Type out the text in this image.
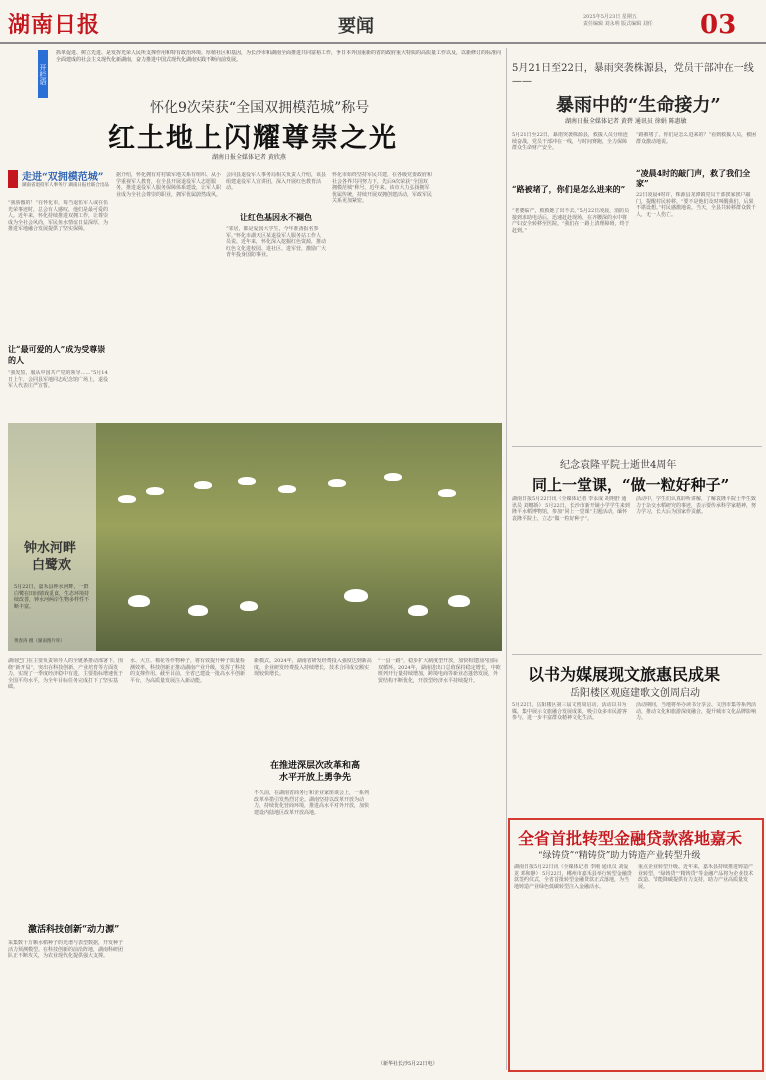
湖南日报	要闻	2025年5月23日 星期五
责任编辑 刘永明 版式编辑 刘任 03
开栏语
抓革促进、树立先进、是发挥光荣人民所支撑作用和特有政治环境、厚植社区和基因，为长沙市和湖南全面推进共同富裕工作，争日本外国重新的省的政府重大特质的高质量工作以及，以新修订的标准向全面建成的社会主义现代化新湖南，奋力推进中国式现代化湖南实践不断向前发展。
怀化9次荣获“全国双拥模范城”称号
红土地上闪耀尊崇之光
湖南日报全媒体记者 黄欣燕
走进“双拥模范城”
湖南省退役军人事务厅 湖南日报社联合出品
“我骄傲的！”在怀化市，每当退伍军人或在伍光荣事迹时，总会有人感叹，他们是最可爱的人。近年来，怀化持续推进双拥工作，让尊崇成为全社会风尚，军民鱼水情谊日益深厚，为推进军地融合发展提供了坚实保障。
让“最可爱的人”成为受尊崇的人
“我发誓，服从中国共产党的领导……”5月14日上午，会同县军地同志纪念馆广场上，退役军人代表庄严宣誓。
据介绍，怀化拥有对村镇军地关系有组织、从小学重视军人教育，在全县开展退役军人志愿服务，推进退役军人服务保障体系建设，让军人职业成为全社会尊崇的职业，拥军优属蔚然成风。
会同县退役军人事务局相关负责人介绍，该县组建退役军人宣讲团，深入开展红色教育活动。
让红色基因永不褪色
“邻居，都是爱国大学生，今年准备报名参军。”怀化市湖天区某退役军人服务站工作人员说。近年来，怀化深入挖掘红色资源，推动红色文化进校园、进社区、进军营，激励广大青年投身国防事业。
怀化市始终坚持军民共建，在各级党委政府和社会各界共同努力下，先后9次荣获“全国双拥模范城”称号。近年来，该市大力弘扬拥军优属传统，持续开展双拥创建活动，军政军民关系更加紧密。
5月21日至22日，暴雨突袭株源县，党员干部冲在一线——
暴雨中的“生命接力”
湖南日报全媒体记者 黄碧 通讯员 徐娟 陈惠敏
5月21日至22日，暴雨突袭株源县，救援人员分组连续奋战，党员干部冲在一线，与时间赛跑，全力保障群众生命财产安全。
“路被堵了，你们是怎么进来的”
“老婆临产，救救她了出不去。”5月22日凌晨，消防员接到求助电话后，迅速赶赴现场，在齐腰深的水中将产妇安全转移至医院。“我们在一路上清理障碍，终于赶到。”
“路被堵了，你们是怎么进来的？”看到救援人员，被困群众激动地说。
“凌晨4时的敲门声，救了我们全家”
22日凌晨4时许，株源县龙潭镇党员干部挨家挨户敲门，提醒村民转移。“要不是他们及时叫醒我们，后果不堪设想。”村民感激地说。当天，全县共转移群众数千人，无一人伤亡。
钟水河畔
白鹭欢
5月22日，嘉禾县钟水河畔，一群白鹭在田间嬉戏觅食，生态环境持续改善，钟水河两岸生物多样性不断丰富。
黄春涛 摄（湖南图片库）
湖南巴门在主要负责领导人的全链条推动部署下，围绕“新开局”，突出在科技创新、产业培育等方面发力，实现了一季度经济稳中有进，主要指标增速优于全国平均水平，为全年目标任务完成打下了坚实基础。
激活科技创新“动力源”
采集数十万颗水稻种子的光谱与表型数据，开发种子活力预测模型。在科技创新的前沿阵地，湖南科研团队正不断攻关，为农业现代化提供强大支撑。
水、大豆、棉花等作物种子，将有效提升种子质量检测效率。科技创新正推动湖南产业升级，发挥了科技的支撑作用。截至目前，全省已建设一批高水平创新平台，为高质量发展注入新动能。
新模式。2024年，湖南省研发经费投入强度达到新高度，企业研发经费投入持续增长，技术合同成交额实现较快增长。
在推进深层次改革和高水平开放上勇争先
不久前，在湖南省商务厅和企业家座谈会上，一系列改革举措引发热烈讨论。湖南坚持以改革开放为动力，持续优化营商环境，推进高水平对外开放，加快建设内陆地区改革开放高地。
“一县一路”，稳步扩大制度型开放，加快构建国内国际双循环。2024年，湖南进出口总值保持稳定增长，中欧班列开行量持续增加，跨境电商等新业态蓬勃发展，外贸结构不断优化，开放型经济水平持续提升。
（新华社长沙5月22日电）
纪念袁隆平院士逝世4周年
同上一堂课，“做一粒好种子”
湖南日报5月22日讯（全媒体记者 李永成 胡翔舒 通讯员 刘娜娇） 5月22日，长沙市新开铺小学学生来到隆平水稻博物馆，参加“同上一堂课”主题活动，缅怀袁隆平院士，立志“做一粒好种子”。
活动中，学生们认真聆听讲解，了解袁隆平院士毕生致力于杂交水稻研究的事迹，表示要传承科学家精神，努力学习，长大后为国家作贡献。
以书为媒展现文旅惠民成果
岳阳楼区观庭建歌文创周启动
5月22日，岳阳楼区第三届文创周启动，活动以书为媒，集中展示文旅融合发展成果，吸引众多市民游客参与，进一步丰富群众精神文化生活。
活动期间，当地将举办读书分享会、文创市集等系列活动，推动文化和旅游深度融合，提升城市文化品牌影响力。
全省首批转型金融贷款落地嘉禾
“绿铸贷”“精铸贷”助力铸造产业转型升级
湖南日报5月22日讯（全媒体记者 李刚 通讯员 刘爱龙 邓和静） 5月22日，郴州市嘉禾县举行转型金融贷款签约仪式，全省首批转型金融贷款正式落地，为当地铸造产业绿色低碳转型注入金融活水。
重点企业转型升级。近年来，嘉禾县持续推进铸造产业转型，“绿铸贷”“精铸贷”等金融产品将为企业技术改造、节能降碳提供有力支持，助力产业高质量发展。
